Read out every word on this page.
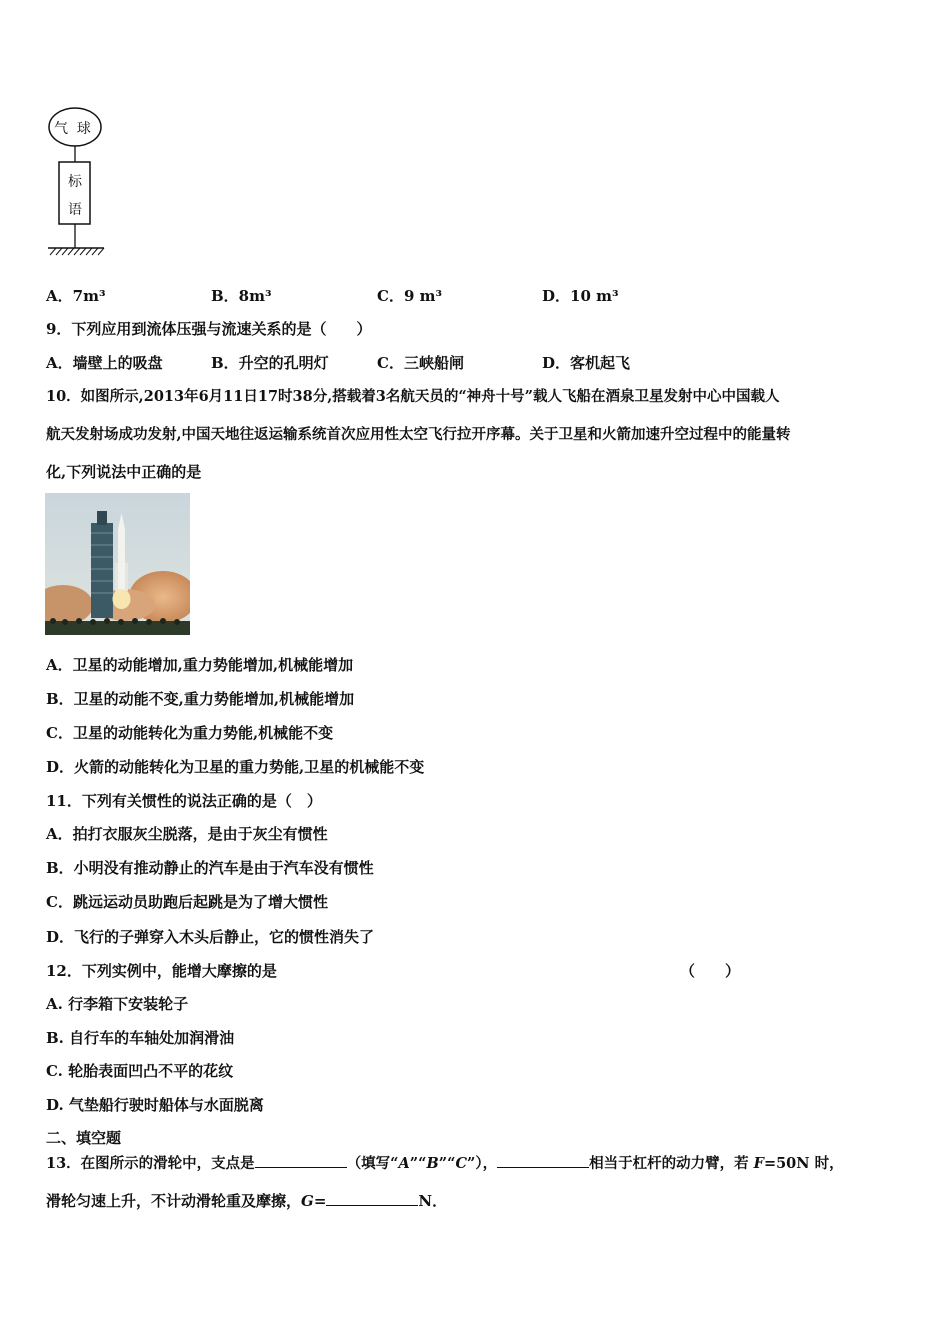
气  球
标
语
A．7m³	B．8m³	C．9 m³	D．10 m³
9．下列应用到流体压强与流速关系的是（　　）
A．墙壁上的吸盘	B．升空的孔明灯	C．三峡船闸	D．客机起飞
10．如图所示,2013年6月11日17时38分,搭载着3名航天员的“神舟十号”载人飞船在酒泉卫星发射中心中国载人
航天发射场成功发射,中国天地往返运输系统首次应用性太空飞行拉开序幕。关于卫星和火箭加速升空过程中的能量转
化,下列说法中正确的是
A．卫星的动能增加,重力势能增加,机械能增加
B．卫星的动能不变,重力势能增加,机械能增加
C．卫星的动能转化为重力势能,机械能不变
D．火箭的动能转化为卫星的重力势能,卫星的机械能不变
11．下列有关惯性的说法正确的是（　）
A．拍打衣服灰尘脱落，是由于灰尘有惯性
B．小明没有推动静止的汽车是由于汽车没有惯性
C．跳远运动员助跑后起跳是为了增大惯性
D．飞行的子弹穿入木头后静止，它的惯性消失了
12．下列实例中，能增大摩擦的是	（　　）
A. 行李箱下安装轮子
B. 自行车的车轴处加润滑油
C. 轮胎表面凹凸不平的花纹
D. 气垫船行驶时船体与水面脱离
二、填空题
13．在图所示的滑轮中，支点是	（填写“A”“B”“C”），	相当于杠杆的动力臂，若 F=50N 时，
滑轮匀速上升，不计动滑轮重及摩擦，G=	N．
